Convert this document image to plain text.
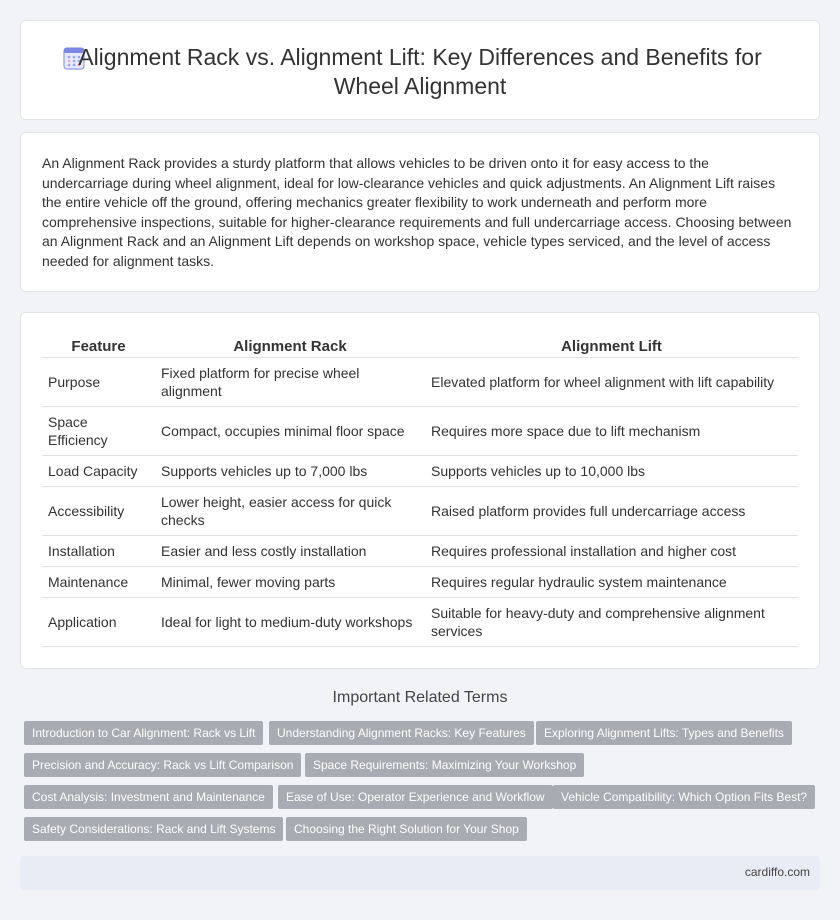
Alignment Rack vs. Alignment Lift: Key Differences and Benefits for Wheel Alignment

An Alignment Rack provides a sturdy platform that allows vehicles to be driven onto it for easy access to the undercarriage during wheel alignment, ideal for low-clearance vehicles and quick adjustments. An Alignment Lift raises the entire vehicle off the ground, offering mechanics greater flexibility to work underneath and perform more comprehensive inspections, suitable for higher-clearance requirements and full undercarriage access. Choosing between an Alignment Rack and an Alignment Lift depends on workshop space, vehicle types serviced, and the level of access needed for alignment tasks.

Feature	Alignment Rack	Alignment Lift
Purpose	Fixed platform for precise wheel alignment	Elevated platform for wheel alignment with lift capability
Space Efficiency	Compact, occupies minimal floor space	Requires more space due to lift mechanism
Load Capacity	Supports vehicles up to 7,000 lbs	Supports vehicles up to 10,000 lbs
Accessibility	Lower height, easier access for quick checks	Raised platform provides full undercarriage access
Installation	Easier and less costly installation	Requires professional installation and higher cost
Maintenance	Minimal, fewer moving parts	Requires regular hydraulic system maintenance
Application	Ideal for light to medium-duty workshops	Suitable for heavy-duty and comprehensive alignment services
Important Related Terms
Introduction to Car Alignment: Rack vs Lift	Understanding Alignment Racks: Key Features	Exploring Alignment Lifts: Types and Benefits
Precision and Accuracy: Rack vs Lift Comparison	Space Requirements: Maximizing Your Workshop
Cost Analysis: Investment and Maintenance	Ease of Use: Operator Experience and Workflow	Vehicle Compatibility: Which Option Fits Best?
Safety Considerations: Rack and Lift Systems	Choosing the Right Solution for Your Shop
cardiffo.com
